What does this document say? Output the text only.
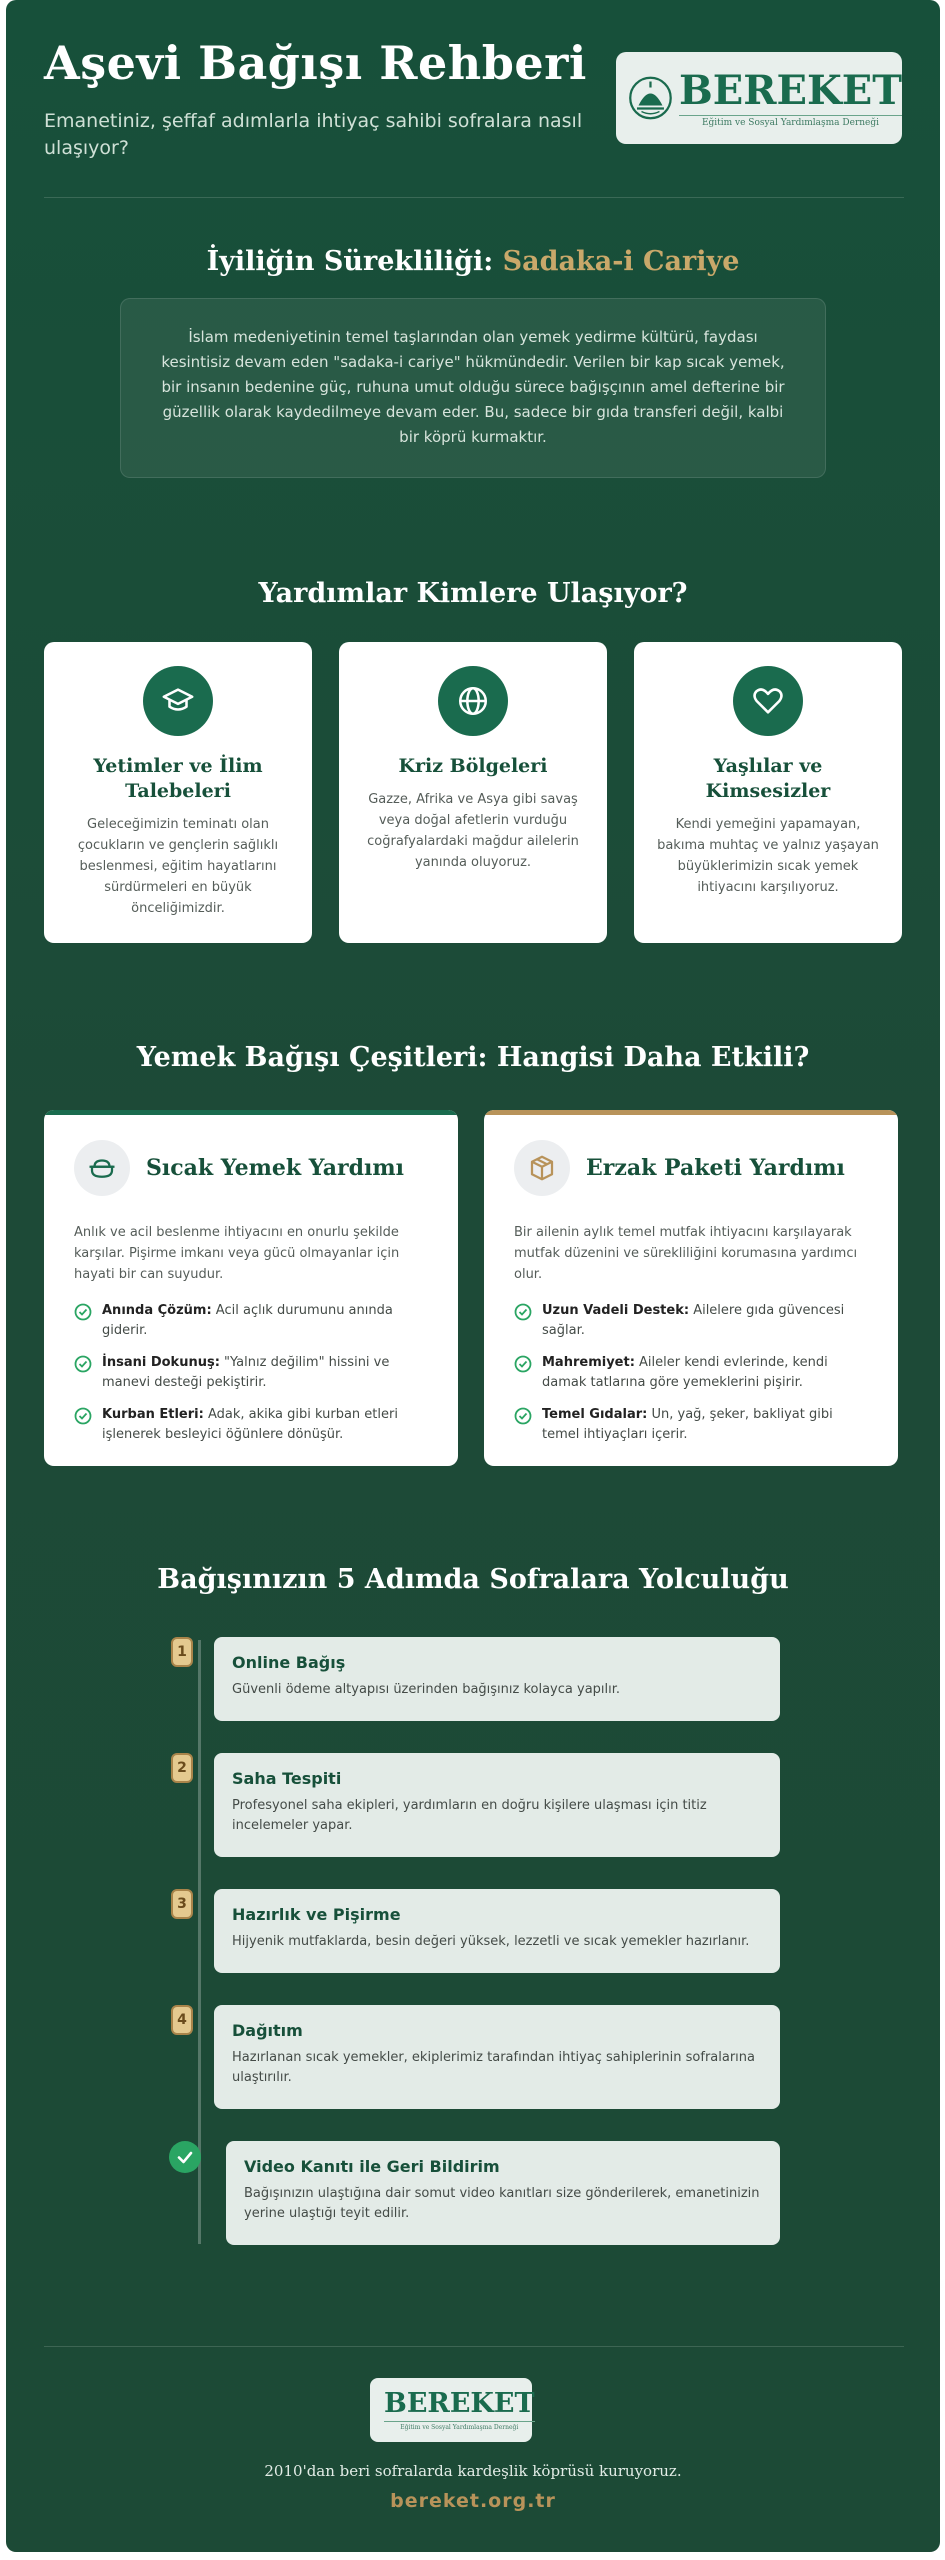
Aşevi Bağışı Rehberi

Emanetiniz, şeffaf adımlarla ihtiyaç sahibi sofralara nasıl ulaşıyor?

BEREKET
Eğitim ve Sosyal Yardımlaşma Derneği
İyiliğin Sürekliliği: Sadaka-i Cariye

İslam medeniyetinin temel taşlarından olan yemek yedirme kültürü, faydası kesintisiz devam eden "sadaka-i cariye" hükmündedir. Verilen bir kap sıcak yemek, bir insanın bedenine güç, ruhuna umut olduğu sürece bağışçının amel defterine bir güzellik olarak kaydedilmeye devam eder. Bu, sadece bir gıda transferi değil, kalbi bir köprü kurmaktır.

Yardımlar Kimlere Ulaşıyor?
Yetimler ve İlim Talebeleri

Geleceğimizin teminatı olan çocukların ve gençlerin sağlıklı beslenmesi, eğitim hayatlarını sürdürmeleri en büyük önceliğimizdir.

Kriz Bölgeleri

Gazze, Afrika ve Asya gibi savaş veya doğal afetlerin vurduğu coğrafyalardaki mağdur ailelerin yanında oluyoruz.

Yaşlılar ve Kimsesizler

Kendi yemeğini yapamayan, bakıma muhtaç ve yalnız yaşayan büyüklerimizin sıcak yemek ihtiyacını karşılıyoruz.

Yemek Bağışı Çeşitleri: Hangisi Daha Etkili?
Sıcak Yemek Yardımı

Anlık ve acil beslenme ihtiyacını en onurlu şekilde karşılar. Pişirme imkanı veya gücü olmayanlar için hayati bir can suyudur.

Anında Çözüm: Acil açlık durumunu anında giderir.
İnsani Dokunuş: "Yalnız değilim" hissini ve manevi desteği pekiştirir.
Kurban Etleri: Adak, akika gibi kurban etleri işlenerek besleyici öğünlere dönüşür.
Erzak Paketi Yardımı

Bir ailenin aylık temel mutfak ihtiyacını karşılayarak mutfak düzenini ve sürekliliğini korumasına yardımcı olur.

Uzun Vadeli Destek: Ailelere gıda güvencesi sağlar.
Mahremiyet: Aileler kendi evlerinde, kendi damak tatlarına göre yemeklerini pişirir.
Temel Gıdalar: Un, yağ, şeker, bakliyat gibi temel ihtiyaçları içerir.
Bağışınızın 5 Adımda Sofralara Yolculuğu
1
Online Bağış

Güvenli ödeme altyapısı üzerinden bağışınız kolayca yapılır.

2
Saha Tespiti

Profesyonel saha ekipleri, yardımların en doğru kişilere ulaşması için titiz incelemeler yapar.

3
Hazırlık ve Pişirme

Hijyenik mutfaklarda, besin değeri yüksek, lezzetli ve sıcak yemekler hazırlanır.

4
Dağıtım

Hazırlanan sıcak yemekler, ekiplerimiz tarafından ihtiyaç sahiplerinin sofralarına ulaştırılır.

Video Kanıtı ile Geri Bildirim

Bağışınızın ulaştığına dair somut video kanıtları size gönderilerek, emanetinizin yerine ulaştığı teyit edilir.

BEREKET
Eğitim ve Sosyal Yardımlaşma Derneği

2010'dan beri sofralarda kardeşlik köprüsü kuruyoruz.

bereket.org.tr
